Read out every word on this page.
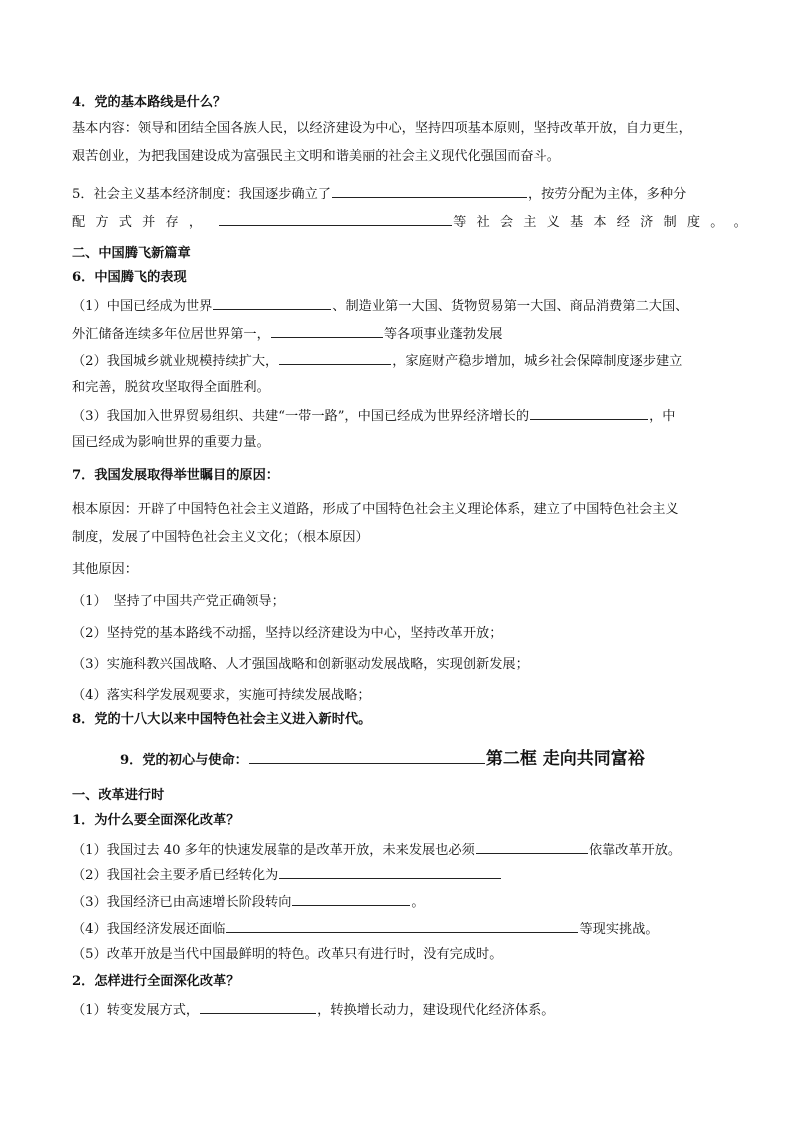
4．党的基本路线是什么？
基本内容：领导和团结全国各族人民，以经济建设为中心，坚持四项基本原则，坚持改革开放，自力更生，
艰苦创业，为把我国建设成为富强民主文明和谐美丽的社会主义现代化强国而奋斗。
5．社会主义基本经济制度：我国逐步确立了	，按劳分配为主体，多种分
配 方 式 并 存 ，	等 社 会 主 义 基 本 经 济 制 度 。 。
二、中国腾飞新篇章
6．中国腾飞的表现
（1）中国已经成为世界	、制造业第一大国、货物贸易第一大国、商品消费第二大国、
外汇储备连续多年位居世界第一，	等各项事业蓬勃发展
（2）我国城乡就业规模持续扩大，	，家庭财产稳步增加，城乡社会保障制度逐步建立
和完善，脱贫攻坚取得全面胜利。
（3）我国加入世界贸易组织、共建“一带一路”，中国已经成为世界经济增长的	，中
国已经成为影响世界的重要力量。
7．我国发展取得举世瞩目的原因：
根本原因：开辟了中国特色社会主义道路，形成了中国特色社会主义理论体系，建立了中国特色社会主义
制度，发展了中国特色社会主义文化；（根本原因）
其他原因：
（1）　坚持了中国共产党正确领导；
（2）坚持党的基本路线不动摇，坚持以经济建设为中心，坚持改革开放；
（3）实施科教兴国战略、人才强国战略和创新驱动发展战略，实现创新发展；
（4）落实科学发展观要求，实施可持续发展战略；
8．党的十八大以来中国特色社会主义进入新时代。
9．党的初心与使命：	第二框 走向共同富裕
一、改革进行时
1．为什么要全面深化改革？
（1）我国过去 40 多年的快速发展靠的是改革开放，未来发展也必须	依靠改革开放。
（2）我国社会主要矛盾已经转化为
（3）我国经济已由高速增长阶段转向	。
（4）我国经济发展还面临	等现实挑战。
（5）改革开放是当代中国最鲜明的特色。改革只有进行时，没有完成时。
2．怎样进行全面深化改革？
（1）转变发展方式，	，转换增长动力，建设现代化经济体系。
